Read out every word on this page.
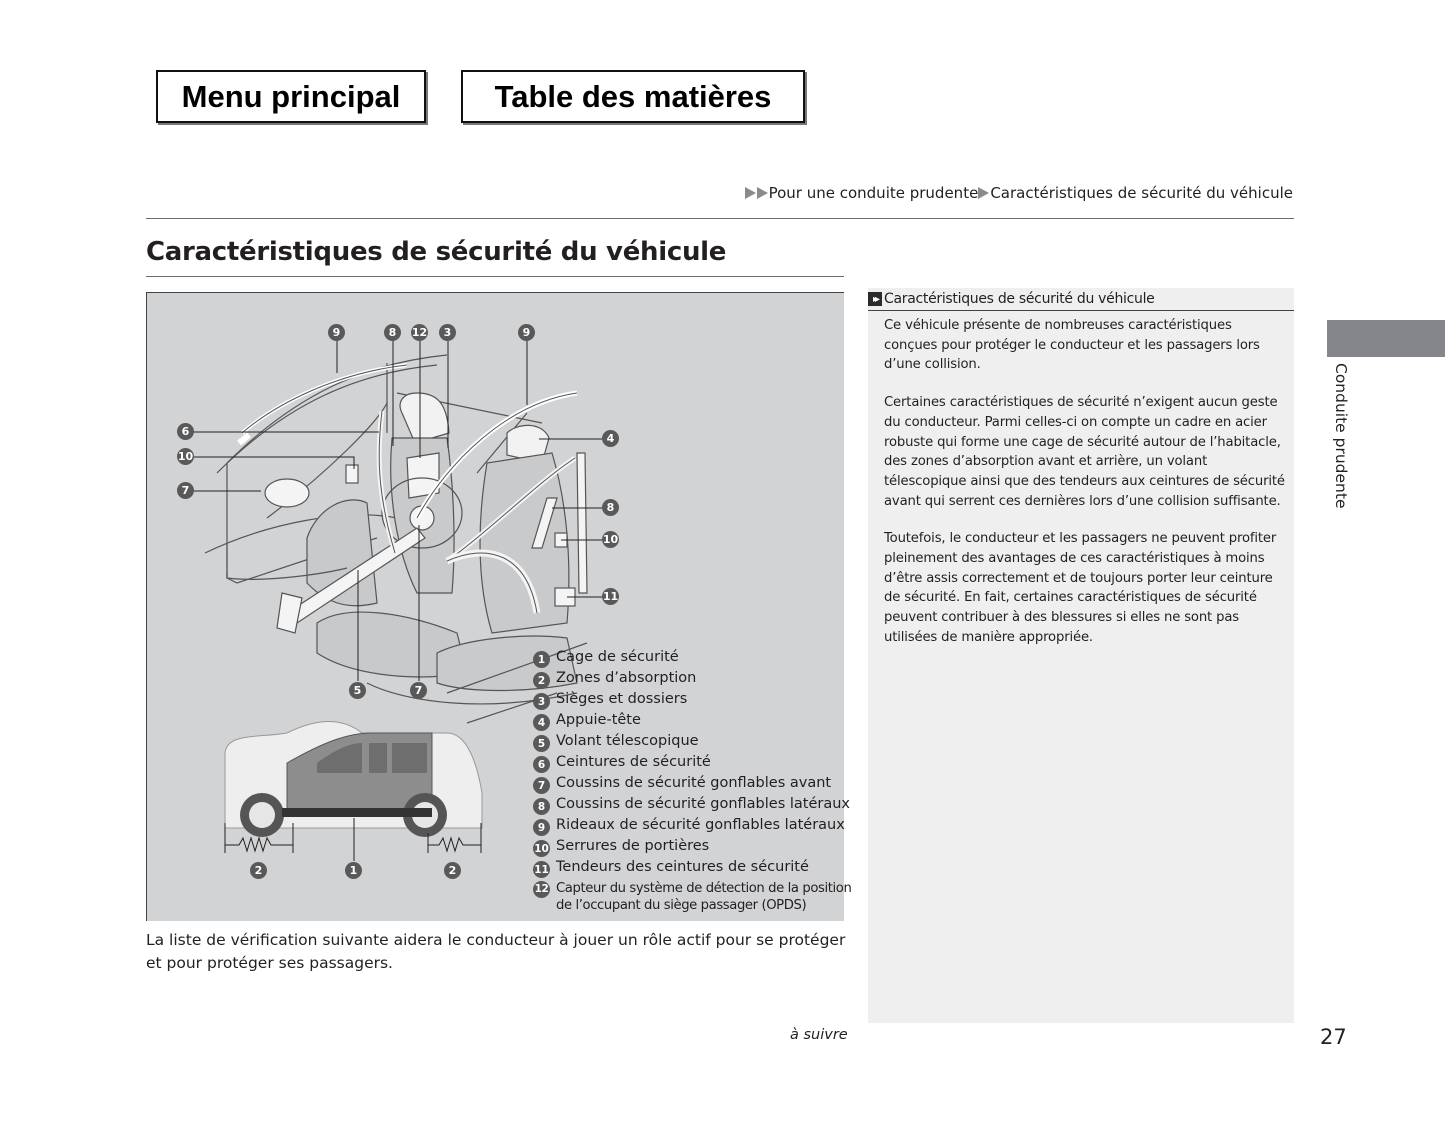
Menu principal	Table des matières
Pour une conduite prudente Caractéristiques de sécurité du véhicule
Caractéristiques de sécurité du véhicule
9	8	12	3	9
6
10
7
4
8
10
11
5	7
2	1	2
1 Cage de sécurité
2 Zones d’absorption
3 Sièges et dossiers
4 Appuie-tête
5 Volant télescopique
6 Ceintures de sécurité
7 Coussins de sécurité gonflables avant
8 Coussins de sécurité gonflables latéraux
9 Rideaux de sécurité gonflables latéraux
10 Serrures de portières
11 Tendeurs des ceintures de sécurité
12 Capteur du système de détection de la position
de l’occupant du siège passager (OPDS)

La liste de vérification suivante aidera le conducteur à jouer un rôle actif pour se protéger et pour protéger ses passagers.

à suivre
▸▸ Caractéristiques de sécurité du véhicule

Ce véhicule présente de nombreuses caractéristiques conçues pour protéger le conducteur et les passagers lors d’une collision.

Certaines caractéristiques de sécurité n’exigent aucun geste du conducteur. Parmi celles-ci on compte un cadre en acier robuste qui forme une cage de sécurité autour de l’habitacle, des zones d’absorption avant et arrière, un volant télescopique ainsi que des tendeurs aux ceintures de sécurité avant qui serrent ces dernières lors d’une collision suffisante.

Toutefois, le conducteur et les passagers ne peuvent profiter pleinement des avantages de ces caractéristiques à moins d’être assis correctement et de toujours porter leur ceinture de sécurité. En fait, certaines caractéristiques de sécurité peuvent contribuer à des blessures si elles ne sont pas utilisées de manière appropriée.

Conduite prudente
27
